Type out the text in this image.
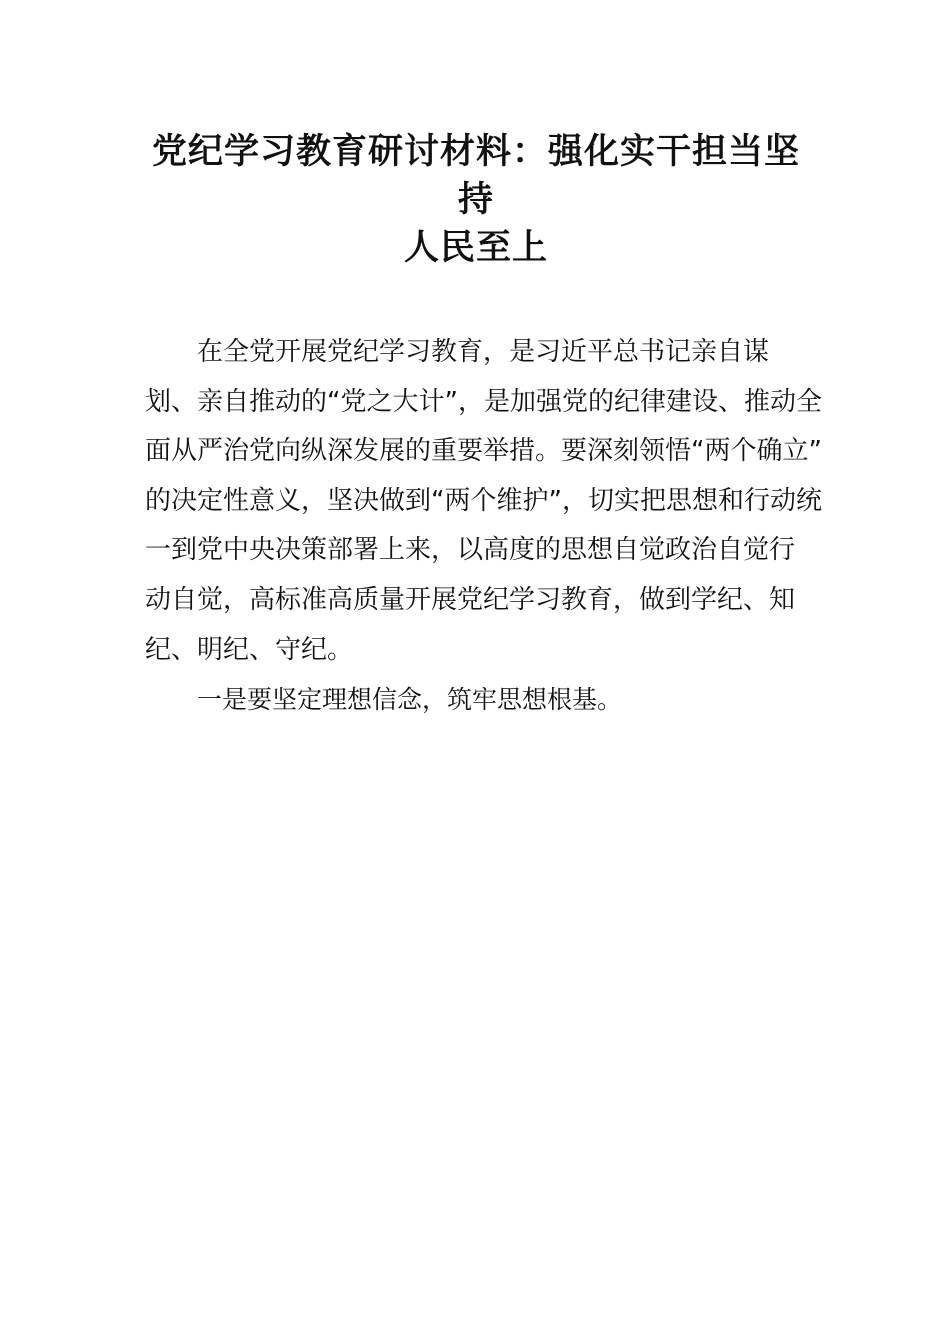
党纪学习教育研讨材料：强化实干担当坚
持
人民至上
在全党开展党纪学习教育，是习近平总书记亲自谋
划、亲自推动的“党之大计”，是加强党的纪律建设、推动全
面从严治党向纵深发展的重要举措。要深刻领悟“两个确立”
的决定性意义，坚决做到“两个维护”，切实把思想和行动统
一到党中央决策部署上来，以高度的思想自觉政治自觉行
动自觉，高标准高质量开展党纪学习教育，做到学纪、知
纪、明纪、守纪。

一是要坚定理想信念，筑牢思想根基。
